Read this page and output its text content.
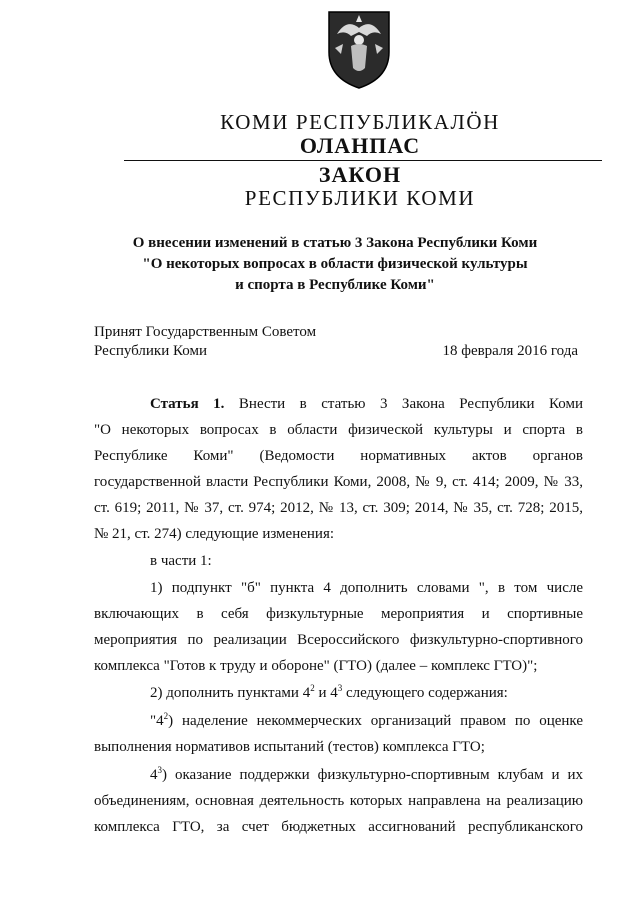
КОМИ РЕСПУБЛИКАЛÖН
ОЛАНПАС
ЗАКОН
РЕСПУБЛИКИ КОМИ
О внесении изменений в статью 3 Закона Республики Коми
"О некоторых вопросах в области физической культуры
и спорта в Республике Коми"
Принят Государственным Советом
Республики Коми	18 февраля 2016 года
Статья 1. Внести в статью 3 Закона Республики Коми
"О некоторых вопросах в области физической культуры и спорта в
Республике Коми" (Ведомости нормативных актов органов
государственной власти Республики Коми, 2008, № 9, ст. 414; 2009, № 33,
ст. 619; 2011, № 37, ст. 974; 2012, № 13, ст. 309; 2014, № 35, ст. 728; 2015,
№ 21, ст. 274) следующие изменения:
в части 1:
1) подпункт "б" пункта 4 дополнить словами ", в том числе
включающих в себя физкультурные мероприятия и спортивные
мероприятия по реализации Всероссийского физкультурно-спортивного
комплекса "Готов к труду и обороне" (ГТО) (далее – комплекс ГТО)";
2) дополнить пунктами $4^2$ и $4^3$ следующего содержания:
"$4^2$) наделение некоммерческих организаций правом по оценке
выполнения нормативов испытаний (тестов) комплекса ГТО;
$4^3$) оказание поддержки физкультурно-спортивным клубам и их
объединениям, основная деятельность которых направлена на реализацию
комплекса ГТО, за счет бюджетных ассигнований республиканского
